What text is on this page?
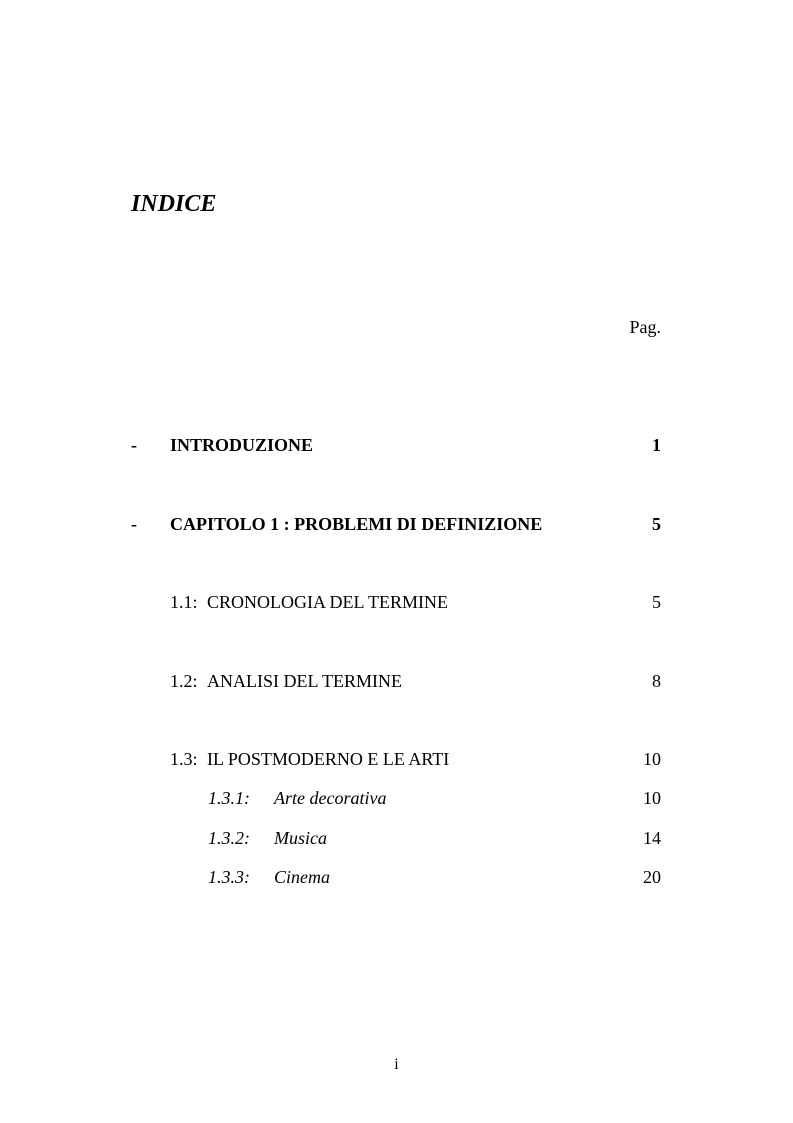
INDICE
Pag.
- INTRODUZIONE	1
- CAPITOLO 1 : PROBLEMI DI DEFINIZIONE	5
1.1: CRONOLOGIA DEL TERMINE	5
1.2: ANALISI DEL TERMINE	8
1.3: IL POSTMODERNO E LE ARTI	10
1.3.1: Arte decorativa	10
1.3.2: Musica	14
1.3.3: Cinema	20
i
